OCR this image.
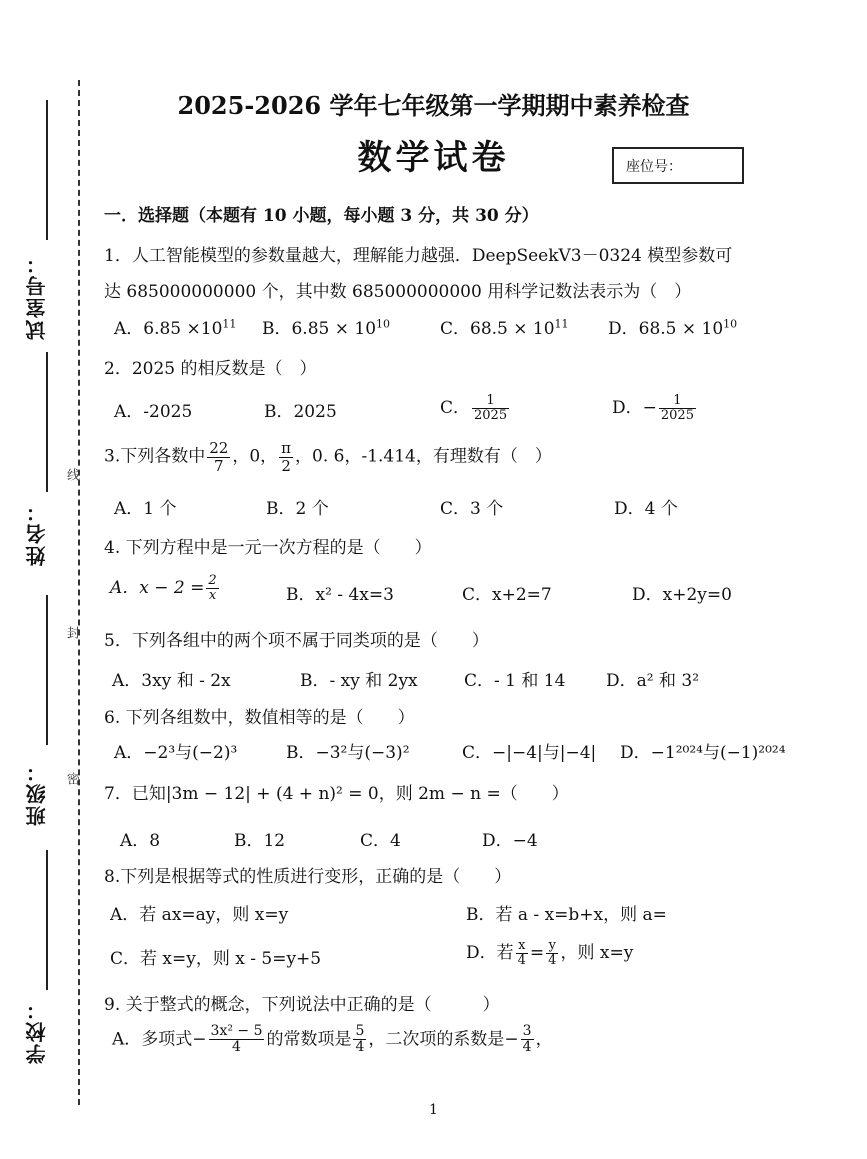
试室号：
姓名：
班级：
学校：
线
封
密
2025-2026 学年七年级第一学期期中素养检查
数学试卷	座位号：
一．选择题（本题有 10 小题，每小题 3 分，共 30 分）
1．人工智能模型的参数量越大，理解能力越强．DeepSeekV3－0324 模型参数可
达 685000000000 个，其中数 685000000000 用科学记数法表示为（　）
A．$6.85 \times 10^{11}$ B．$6.85 \times 10^{10}$	C．$68.5 \times 10^{11}$ D．$68.5 \times 10^{10}$
2．2025 的相反数是（　）
A．-2025	B．2025	C． $\frac{1}{2025}$	D．− $\frac{1}{2025}$
3.下列各数中 $\frac{22}{7}$ ，0， $\frac{\pi}{2}$ ，0. 6̇，-1.414，有理数有（　）
A．1 个	B．2 个	C．3 个	D．4 个
4. 下列方程中是一元一次方程的是（　　）
A．$x - 2 = \frac{2}{x}$	B．x² - 4x=3	C．x+2=7	D．x+2y=0
5．下列各组中的两个项不属于同类项的是（　　）
A．3xy 和 - 2x	B．- xy 和 2yx	C．- 1 和 14 D．a² 和 3²
6. 下列各组数中，数值相等的是（　　）
A．−2³与(−2)³	B．−3²与(−3)²	C．−|−4|与|−4| D．−1²⁰²⁴与(−1)²⁰²⁴
7．已知|3m − 12| + (4 + n)² = 0，则 2m − n =（　　）
A．8	B．12	C．4	D．−4
8.下列是根据等式的性质进行变形，正确的是（　　）
A．若 ax=ay，则 x=y	B．若 a - x=b+x，则 a=
C．若 x=y，则 x - 5=y+5	D．若 $\frac{x}{4} = \frac{y}{4}$ ，则 x=y
9. 关于整式的概念，下列说法中正确的是（　　　）
A．多项式− $\frac{\text{3x² − 5}}{4}$ 的常数项是 $\frac{5}{4}$ ，二次项的系数是− $\frac{3}{4}$ ，
1
